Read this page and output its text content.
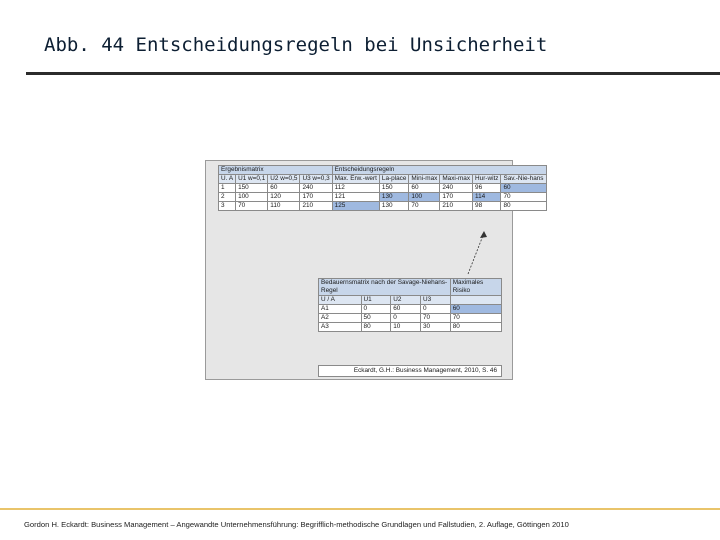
Abb. 44 Entscheidungsregeln bei Unsicherheit
Ergebnismatrix				Entscheidungsregeln					
U. A	U1 w=0,1	U2 w=0,5	U3 w=0,3	Max. Erw.-wert	La-place	Mini-max	Maxi-max	Hur-witz	Sav.-Nie-hans
1	150	60	240	112	150	60	240	96	60
2	100	120	170	121	130	100	170	114	70
3	70	110	210	125	130	70	210	98	80
Bedauernsmatrix nach der Savage-Niehans-Regel				Maximales Risiko
U / A	U1	U2	U3	
A1	0	60	0	60
A2	50	0	70	70
A3	80	10	30	80
Eckardt, G.H.: Business Management, 2010, S. 46
Gordon H. Eckardt: Business Management – Angewandte Unternehmensführung: Begrifflich-methodische Grundlagen und Fallstudien, 2. Auflage, Göttingen 2010
